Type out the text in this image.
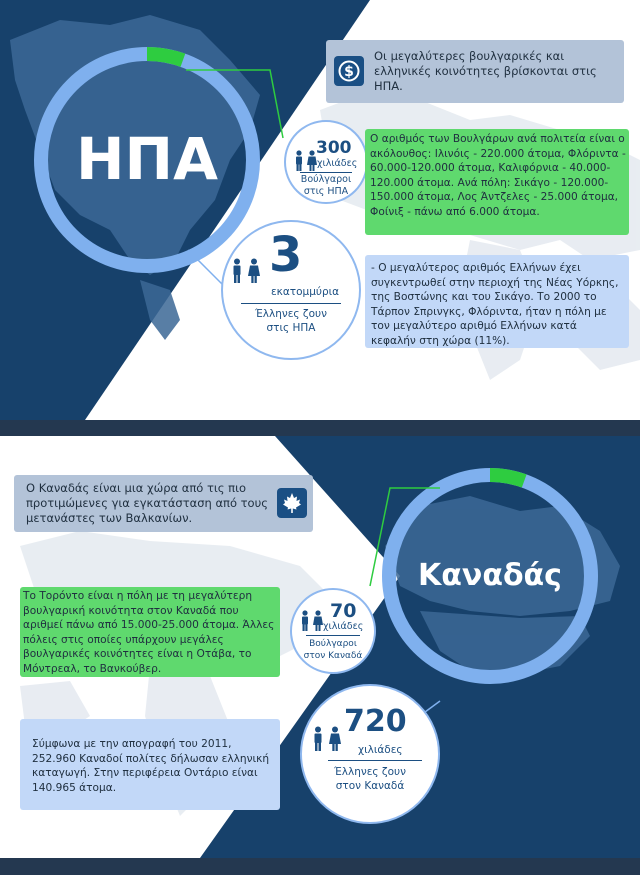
ΗΠΑ
$
Οι μεγαλύτερες βουλγαρικές και ελληνικές κοινότητες βρίσκονται στις ΗΠΑ.
300
χιλιάδες
Βούλγαροι στις ΗΠΑ
Ο αριθμός των Βουλγάρων ανά πολιτεία είναι ο ακόλουθος: Ιλινόις - 220.000 άτομα, Φλόριντα - 60.000-120.000 άτομα, Καλιφόρνια - 40.000-120.000 άτομα. Ανά πόλη: Σικάγο - 120.000-150.000 άτομα, Λος Άντζελες - 25.000 άτομα, Φοίνιξ - πάνω από 6.000 άτομα.
3
εκατομμύρια
Έλληνες ζουν στις ΗΠΑ
- Ο μεγαλύτερος αριθμός Ελλήνων έχει συγκεντρωθεί στην περιοχή της Νέας Υόρκης, της Βοστώνης και του Σικάγο. Το 2000 το Τάρπον Σπρινγκς, Φλόριντα, ήταν η πόλη με τον μεγαλύτερο αριθμό Ελλήνων κατά κεφαλήν στη χώρα (11%).
Καναδάς
Ο Καναδάς είναι μια χώρα από τις πιο προτιμώμενες για εγκατάσταση από τους μετανάστες των Βαλκανίων.
Το Τορόντο είναι η πόλη με τη μεγαλύτερη βουλγαρική κοινότητα στον Καναδά που αριθμεί πάνω από 15.000-25.000 άτομα. Άλλες πόλεις στις οποίες υπάρχουν μεγάλες βουλγαρικές κοινότητες είναι η Οτάβα, το Μόντρεαλ, το Βανκούβερ.
70
χιλιάδες
Βούλγαροι στον Καναδά
720
χιλιάδες
Έλληνες ζουν στον Καναδά
Σύμφωνα με την απογραφή του 2011, 252.960 Καναδοί πολίτες δήλωσαν ελληνική καταγωγή. Στην περιφέρεια Οντάριο είναι 140.965 άτομα.
